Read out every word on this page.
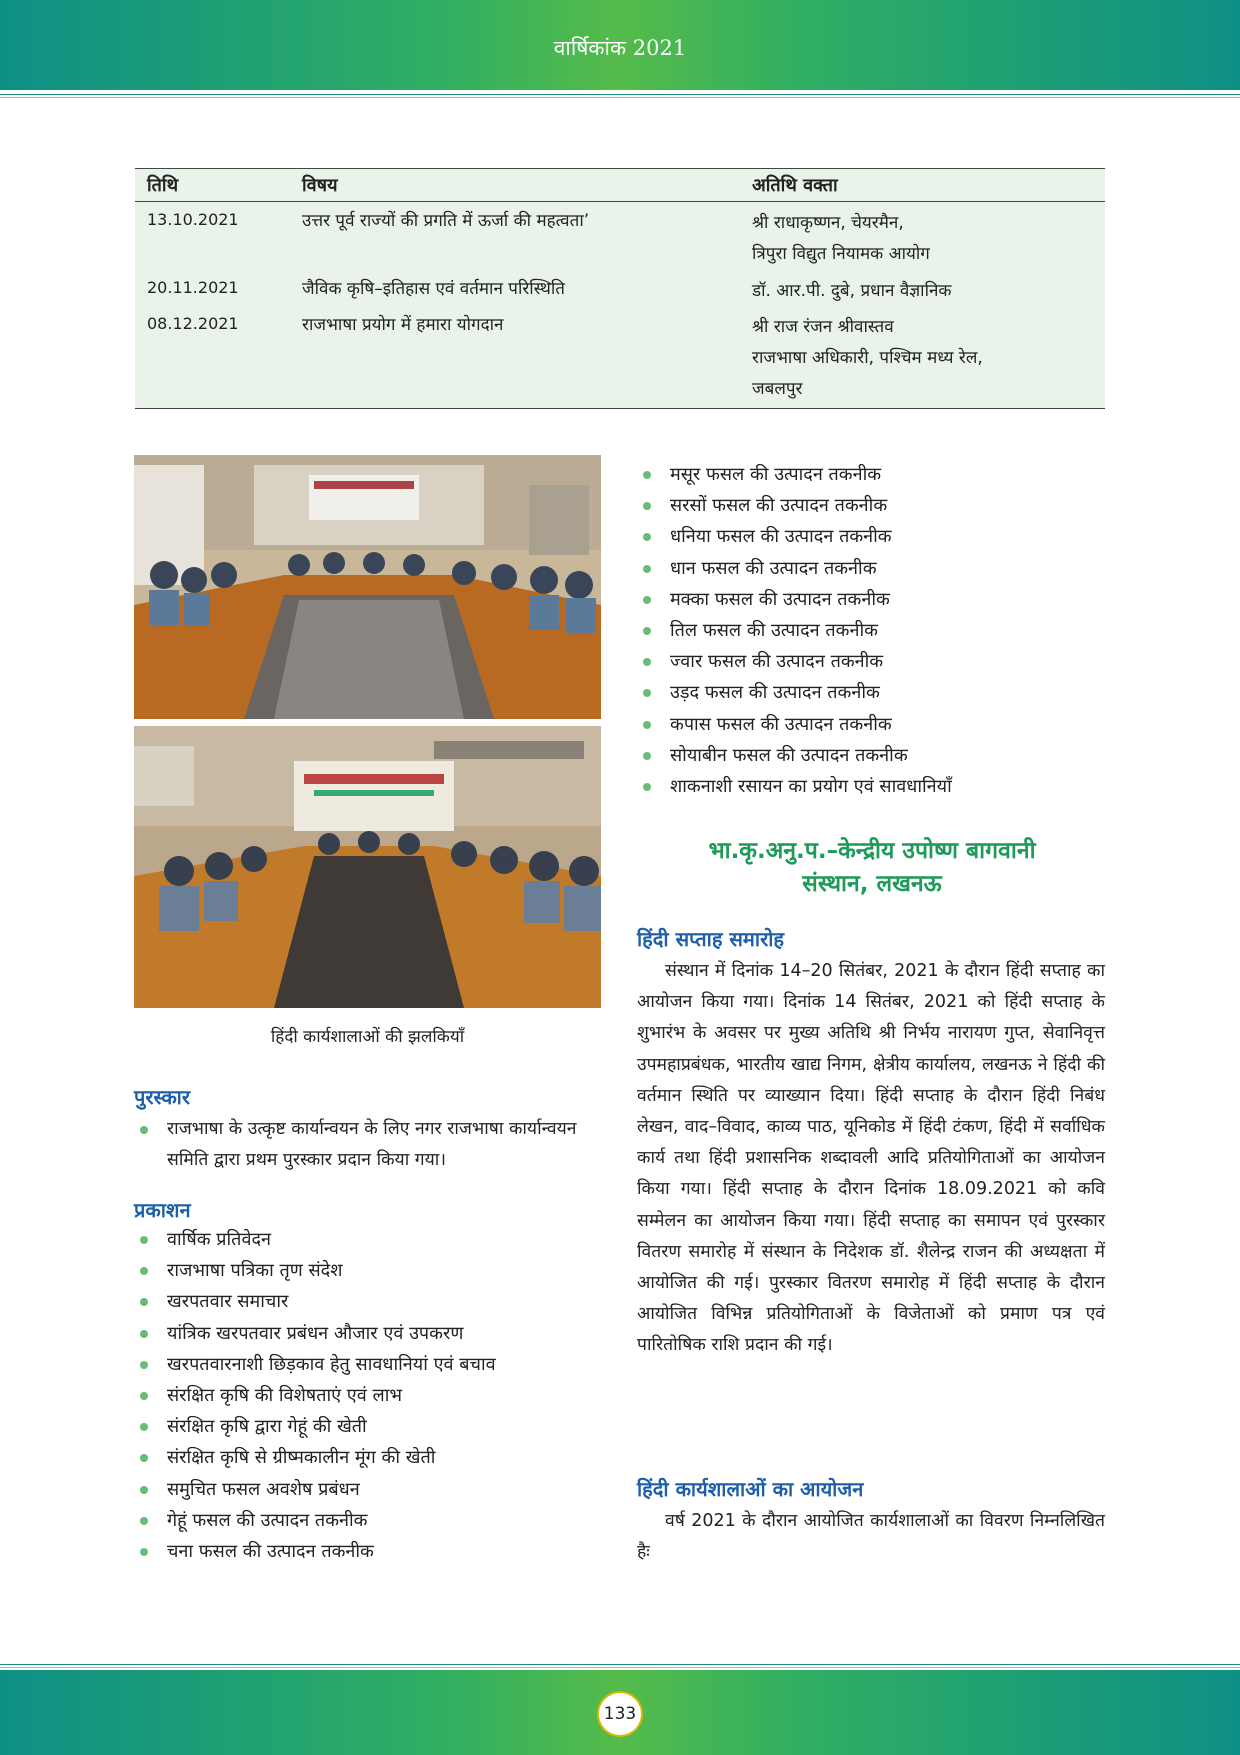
वार्षिकांक 2021
तिथि	विषय	अतिथि वक्ता
13.10.2021	उत्तर पूर्व राज्यों की प्रगति में ऊर्जा की महत्वता’	श्री राधाकृष्णन, चेयरमैन,
त्रिपुरा विद्युत नियामक आयोग
20.11.2021	जैविक कृषि–इतिहास एवं वर्तमान परिस्थिति	डॉ. आर.पी. दुबे, प्रधान वैज्ञानिक
08.12.2021	राजभाषा प्रयोग में हमारा योगदान	श्री राज रंजन श्रीवास्तव
राजभाषा अधिकारी, पश्चिम मध्य रेल,
जबलपुर
हिंदी कार्यशालाओं की झलकियाँ
पुरस्कार
राजभाषा के उत्कृष्ट कार्यान्वयन के लिए नगर राजभाषा कार्यान्वयन समिति द्वारा प्रथम पुरस्कार प्रदान किया गया।
प्रकाशन
वार्षिक प्रतिवेदन
राजभाषा पत्रिका तृण संदेश
खरपतवार समाचार
यांत्रिक खरपतवार प्रबंधन औजार एवं उपकरण
खरपतवारनाशी छिड़काव हेतु सावधानियां एवं बचाव
संरक्षित कृषि की विशेषताएं एवं लाभ
संरक्षित कृषि द्वारा गेहूं की खेती
संरक्षित कृषि से ग्रीष्मकालीन मूंग की खेती
समुचित फसल अवशेष प्रबंधन
गेहूं फसल की उत्पादन तकनीक
चना फसल की उत्पादन तकनीक
मसूर फसल की उत्पादन तकनीक
सरसों फसल की उत्पादन तकनीक
धनिया फसल की उत्पादन तकनीक
धान फसल की उत्पादन तकनीक
मक्का फसल की उत्पादन तकनीक
तिल फसल की उत्पादन तकनीक
ज्वार फसल की उत्पादन तकनीक
उड़द फसल की उत्पादन तकनीक
कपास फसल की उत्पादन तकनीक
सोयाबीन फसल की उत्पादन तकनीक
शाकनाशी रसायन का प्रयोग एवं सावधानियाँ
भा.कृ.अनु.प.–केन्द्रीय उपोष्ण बागवानी
संस्थान, लखनऊ
हिंदी सप्ताह समारोह
संस्थान में दिनांक 14–20 सितंबर, 2021 के दौरान हिंदी सप्ताह का आयोजन किया गया। दिनांक 14 सितंबर, 2021 को हिंदी सप्ताह के शुभारंभ के अवसर पर मुख्य अतिथि श्री निर्भय नारायण गुप्त, सेवानिवृत्त उपमहाप्रबंधक, भारतीय खाद्य निगम, क्षेत्रीय कार्यालय, लखनऊ ने हिंदी की वर्तमान स्थिति पर व्याख्यान दिया। हिंदी सप्ताह के दौरान हिंदी निबंध लेखन, वाद–विवाद, काव्य पाठ, यूनिकोड में हिंदी टंकण, हिंदी में सर्वाधिक कार्य तथा हिंदी प्रशासनिक शब्दावली आदि प्रतियोगिताओं का आयोजन किया गया। हिंदी सप्ताह के दौरान दिनांक 18.09.2021 को कवि सम्मेलन का आयोजन किया गया। हिंदी सप्ताह का समापन एवं पुरस्कार वितरण समारोह में संस्थान के निदेशक डॉ. शैलेन्द्र राजन की अध्यक्षता में आयोजित की गई। पुरस्कार वितरण समारोह में हिंदी सप्ताह के दौरान आयोजित विभिन्न प्रतियोगिताओं के विजेताओं को प्रमाण पत्र एवं पारितोषिक राशि प्रदान की गई।
हिंदी कार्यशालाओं का आयोजन
वर्ष 2021 के दौरान आयोजित कार्यशालाओं का विवरण निम्नलिखित हैः
133
